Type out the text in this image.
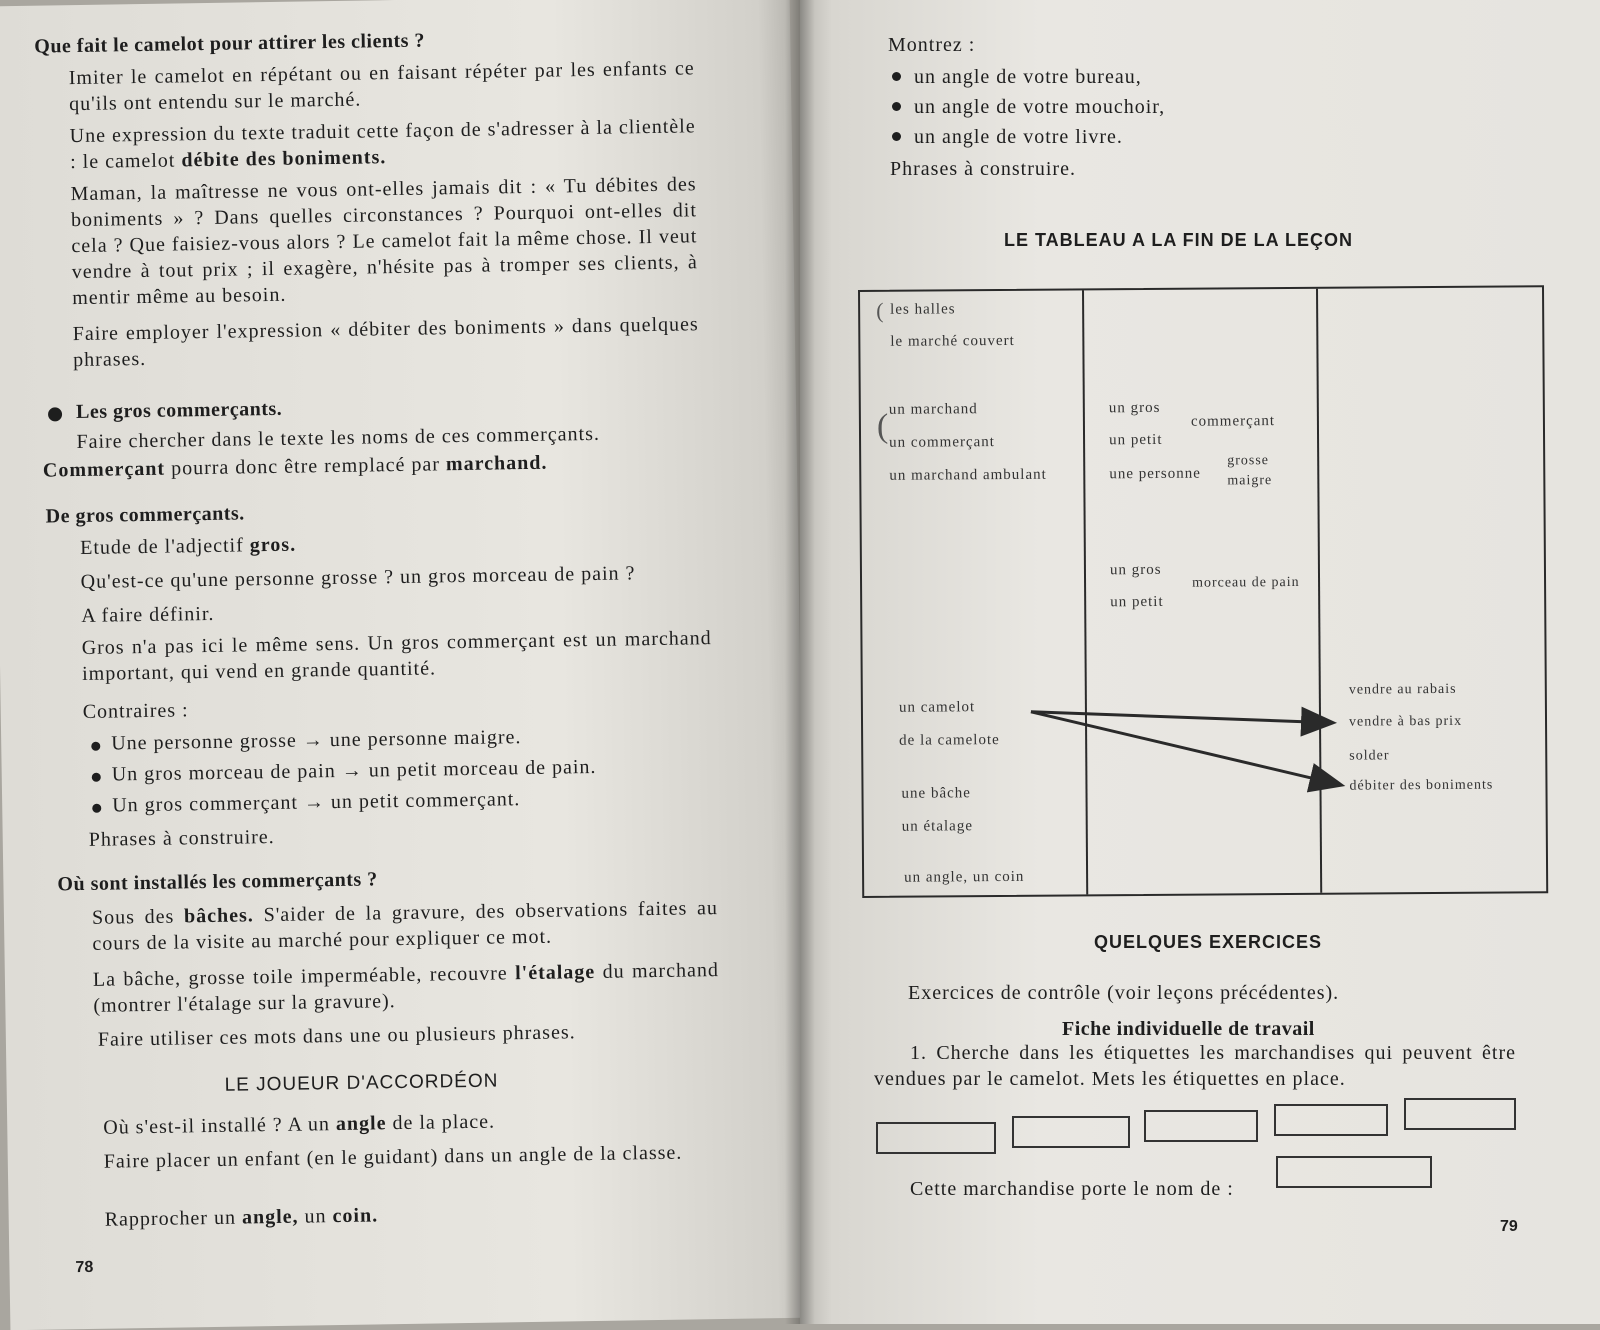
Que fait le camelot pour attirer les clients ?

Imiter le camelot en répétant ou en faisant répéter par les enfants ce qu'ils ont entendu sur le marché.

Une expression du texte traduit cette façon de s'adresser à la clientèle : le camelot débite des boniments.

Maman, la maîtresse ne vous ont-elles jamais dit : « Tu débites des boniments » ? Dans quelles circonstances ? Pourquoi ont-elles dit cela ? Que faisiez-vous alors ? Le camelot fait la même chose. Il veut vendre à tout prix ; il exagère, n'hésite pas à tromper ses clients, à mentir même au besoin.

Faire employer l'expression « débiter des boniments » dans quelques phrases.

Les gros commerçants.

Faire chercher dans le texte les noms de ces commerçants.

Commerçant pourra donc être remplacé par marchand.

De gros commerçants.

Etude de l'adjectif gros.

Qu'est-ce qu'une personne grosse ? un gros morceau de pain ?

A faire définir.

Gros n'a pas ici le même sens. Un gros commerçant est un marchand important, qui vend en grande quantité.

Contraires :

Une personne grosse → une personne maigre.

Un gros morceau de pain → un petit morceau de pain.

Un gros commerçant → un petit commerçant.

Phrases à construire.

Où sont installés les commerçants ?

Sous des bâches. S'aider de la gravure, des observations faites au cours de la visite au marché pour expliquer ce mot.

La bâche, grosse toile imperméable, recouvre l'étalage du marchand (montrer l'étalage sur la gravure).

Faire utiliser ces mots dans une ou plusieurs phrases.

LE JOUEUR D'ACCORDÉON

Où s'est-il installé ? A un angle de la place.

Faire placer un enfant (en le guidant) dans un angle de la classe.

Rapprocher un angle, un coin.

78

Montrez :

un angle de votre bureau,

un angle de votre mouchoir,

un angle de votre livre.

Phrases à construire.

LE TABLEAU A LA FIN DE LA LEÇON

( les halles
le marché couvert
( un marchand
un commerçant
un marchand ambulant
un gros
un petit
commerçant
une personne
grosse
maigre
un gros
un petit
morceau de pain
un camelot
de la camelote
une bâche
un étalage
un angle, un coin
vendre au rabais
vendre à bas prix
solder
débiter des boniments

QUELQUES EXERCICES

Exercices de contrôle (voir leçons précédentes).

Fiche individuelle de travail

1. Cherche dans les étiquettes les marchandises qui peuvent être vendues par le camelot. Mets les étiquettes en place.

Cette marchandise porte le nom de :

79
